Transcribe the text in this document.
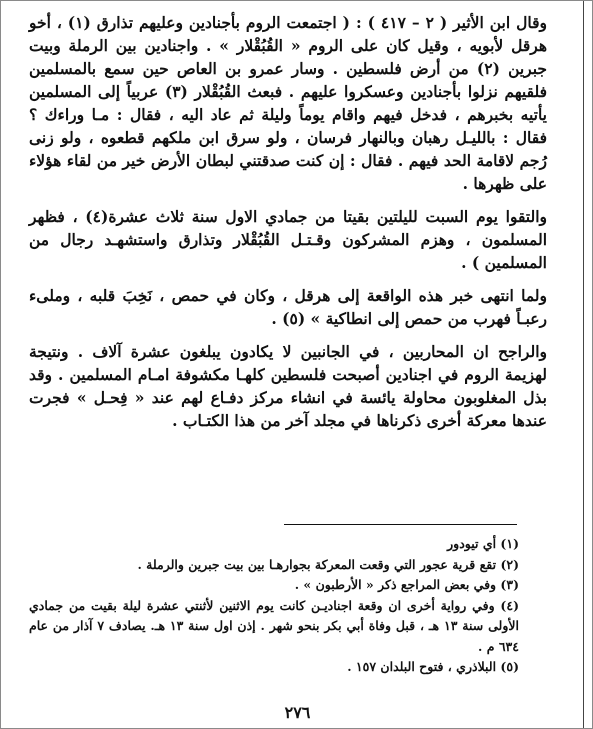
وقال ابن الأثير ( ٢ – ٤١٧ ) : ( اجتمعت الروم بأجنادين وعليهم تذارق (١) ، أخو هرقل لأبويه ، وقيل كان على الروم « القُبُقْلار » . واجنادين بين الرملة وبيت جبرين (٢) من أرض فلسطين . وسار عمرو بن العاص حين سمع بالمسلمين فلقيهم نزلوا بأجنادين وعسكروا عليهم . فبعث القُبُقْلار (٣) عربياً إلى المسلمين يأتيه بخبرهم ، فدخل فيهم واقام يوماً وليلة ثم عاد اليه ، فقال : مـا وراءك ؟ فقال : بالليـل رهبان وبالنهار فرسان ، ولو سرق ابن ملكهم قطعوه ، ولو زنى رُجم لاقامة الحد فيهم . فقال : إن كنت صدقتني لبطان الأرض خير من لقاء هؤلاء على ظهرها .

والتقوا يوم السبت لليلتين بقيتا من جمادي الاول سنة ثلاث عشرة(٤) ، فظهر المسلمون ، وهزم المشركون وقـتـل القُبُقْلار وتذارق واستشهـد رجال من المسلمين ) .

ولما انتهى خبر هذه الواقعة إلى هرقل ، وكان في حمص ، نَخِبَ قلبه ، وملىء رعبـاً فهرب من حمص إلى انطاكية » (٥) .

والراجح ان المحاربين ، في الجانبين لا يكادون يبلغون عشرة آلاف . ونتيجة لهزيمة الروم في اجنادين أصبحت فلسطين كلهـا مكشوفة امـام المسلمين . وقد بذل المغلوبون محاولة يائسة في انشاء مركز دفـاع لهم عند « فِحـل » فجرت عندها معركة أخرى ذكرناها في مجلد آخر من هذا الكتـاب .

(١) أي تيودور

(٢) تقع قرية عجور التي وقعت المعركة بجوارهـا بين بيت جبرين والرملة .

(٣) وفي بعض المراجع ذكر « الأرطبون » .

(٤) وفي رواية أخرى ان وقعة اجناديـن كانت يوم الاثنين لأثنتي عشرة ليلة بقيت من جمادي الأولى سنة ١٣ هـ ، قبل وفاة أبي بكر بنحو شهر . إذن اول سنة ١٣ هـ. يصادف ٧ آذار من عام ٦٣٤ م .

(٥) البلاذري ، فتوح البلدان ١٥٧ .

٢٧٦
